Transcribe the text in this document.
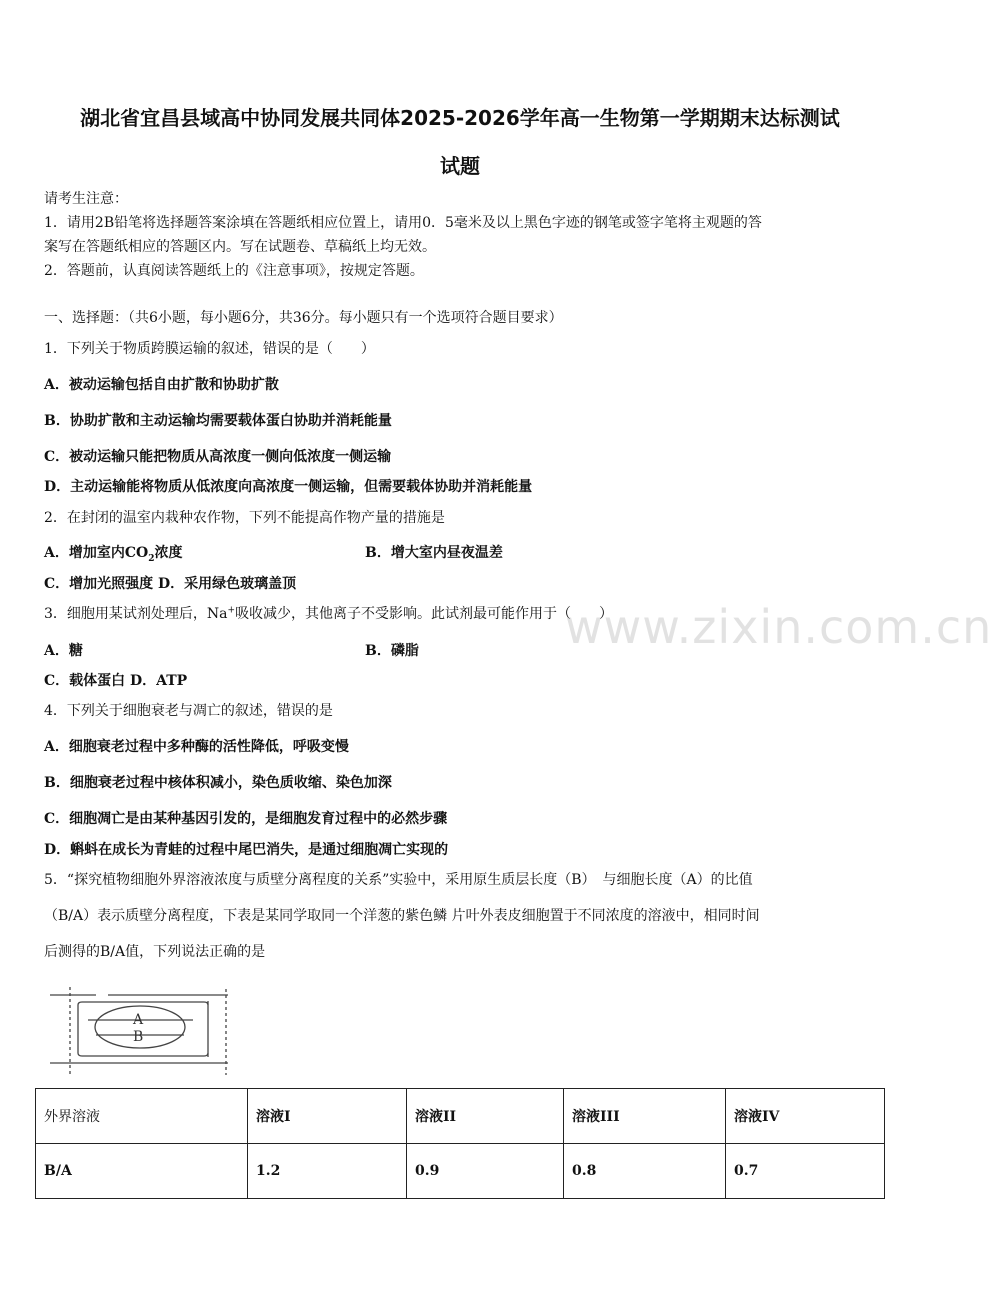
湖北省宜昌县域高中协同发展共同体2025-2026学年高一生物第一学期期末达标测试
试题
请考生注意：
1．请用2B铅笔将选择题答案涂填在答题纸相应位置上，请用0．5毫米及以上黑色字迹的钢笔或签字笔将主观题的答
案写在答题纸相应的答题区内。写在试题卷、草稿纸上均无效。
2．答题前，认真阅读答题纸上的《注意事项》，按规定答题。
一、选择题：（共6小题，每小题6分，共36分。每小题只有一个选项符合题目要求）
1．下列关于物质跨膜运输的叙述，错误的是（　　）
A．被动运输包括自由扩散和协助扩散
B．协助扩散和主动运输均需要载体蛋白协助并消耗能量
C．被动运输只能把物质从高浓度一侧向低浓度一侧运输
D．主动运输能将物质从低浓度向高浓度一侧运输，但需要载体协助并消耗能量
2．在封闭的温室内栽种农作物，下列不能提高作物产量的措施是
A．增加室内$CO_2$浓度	B．增大室内昼夜温差
C．增加光照强度 D．采用绿色玻璃盖顶
3．细胞用某试剂处理后，Na+吸收减少，其他离子不受影响。此试剂最可能作用于（　　）
A．糖	B．磷脂
C．载体蛋白 D．ATP
4．下列关于细胞衰老与凋亡的叙述，错误的是
A．细胞衰老过程中多种酶的活性降低，呼吸变慢
B．细胞衰老过程中核体积减小，染色质收缩、染色加深
C．细胞凋亡是由某种基因引发的，是细胞发育过程中的必然步骤
D．蝌蚪在成长为青蛙的过程中尾巴消失，是通过细胞凋亡实现的
5．“探究植物细胞外界溶液浓度与质壁分离程度的关系”实验中，采用原生质层长度（B）　与细胞长度（A）的比值
（B/A）表示质壁分离程度，下表是某同学取同一个洋葱的紫色鳞 片叶外表皮细胞置于不同浓度的溶液中，相同时间
后测得的B/A值，下列说法正确的是
A
B
www.zixin.com.cn
外界溶液	溶液I	溶液II	溶液III	溶液IV
B/A	1.2	0.9	0.8	0.7
